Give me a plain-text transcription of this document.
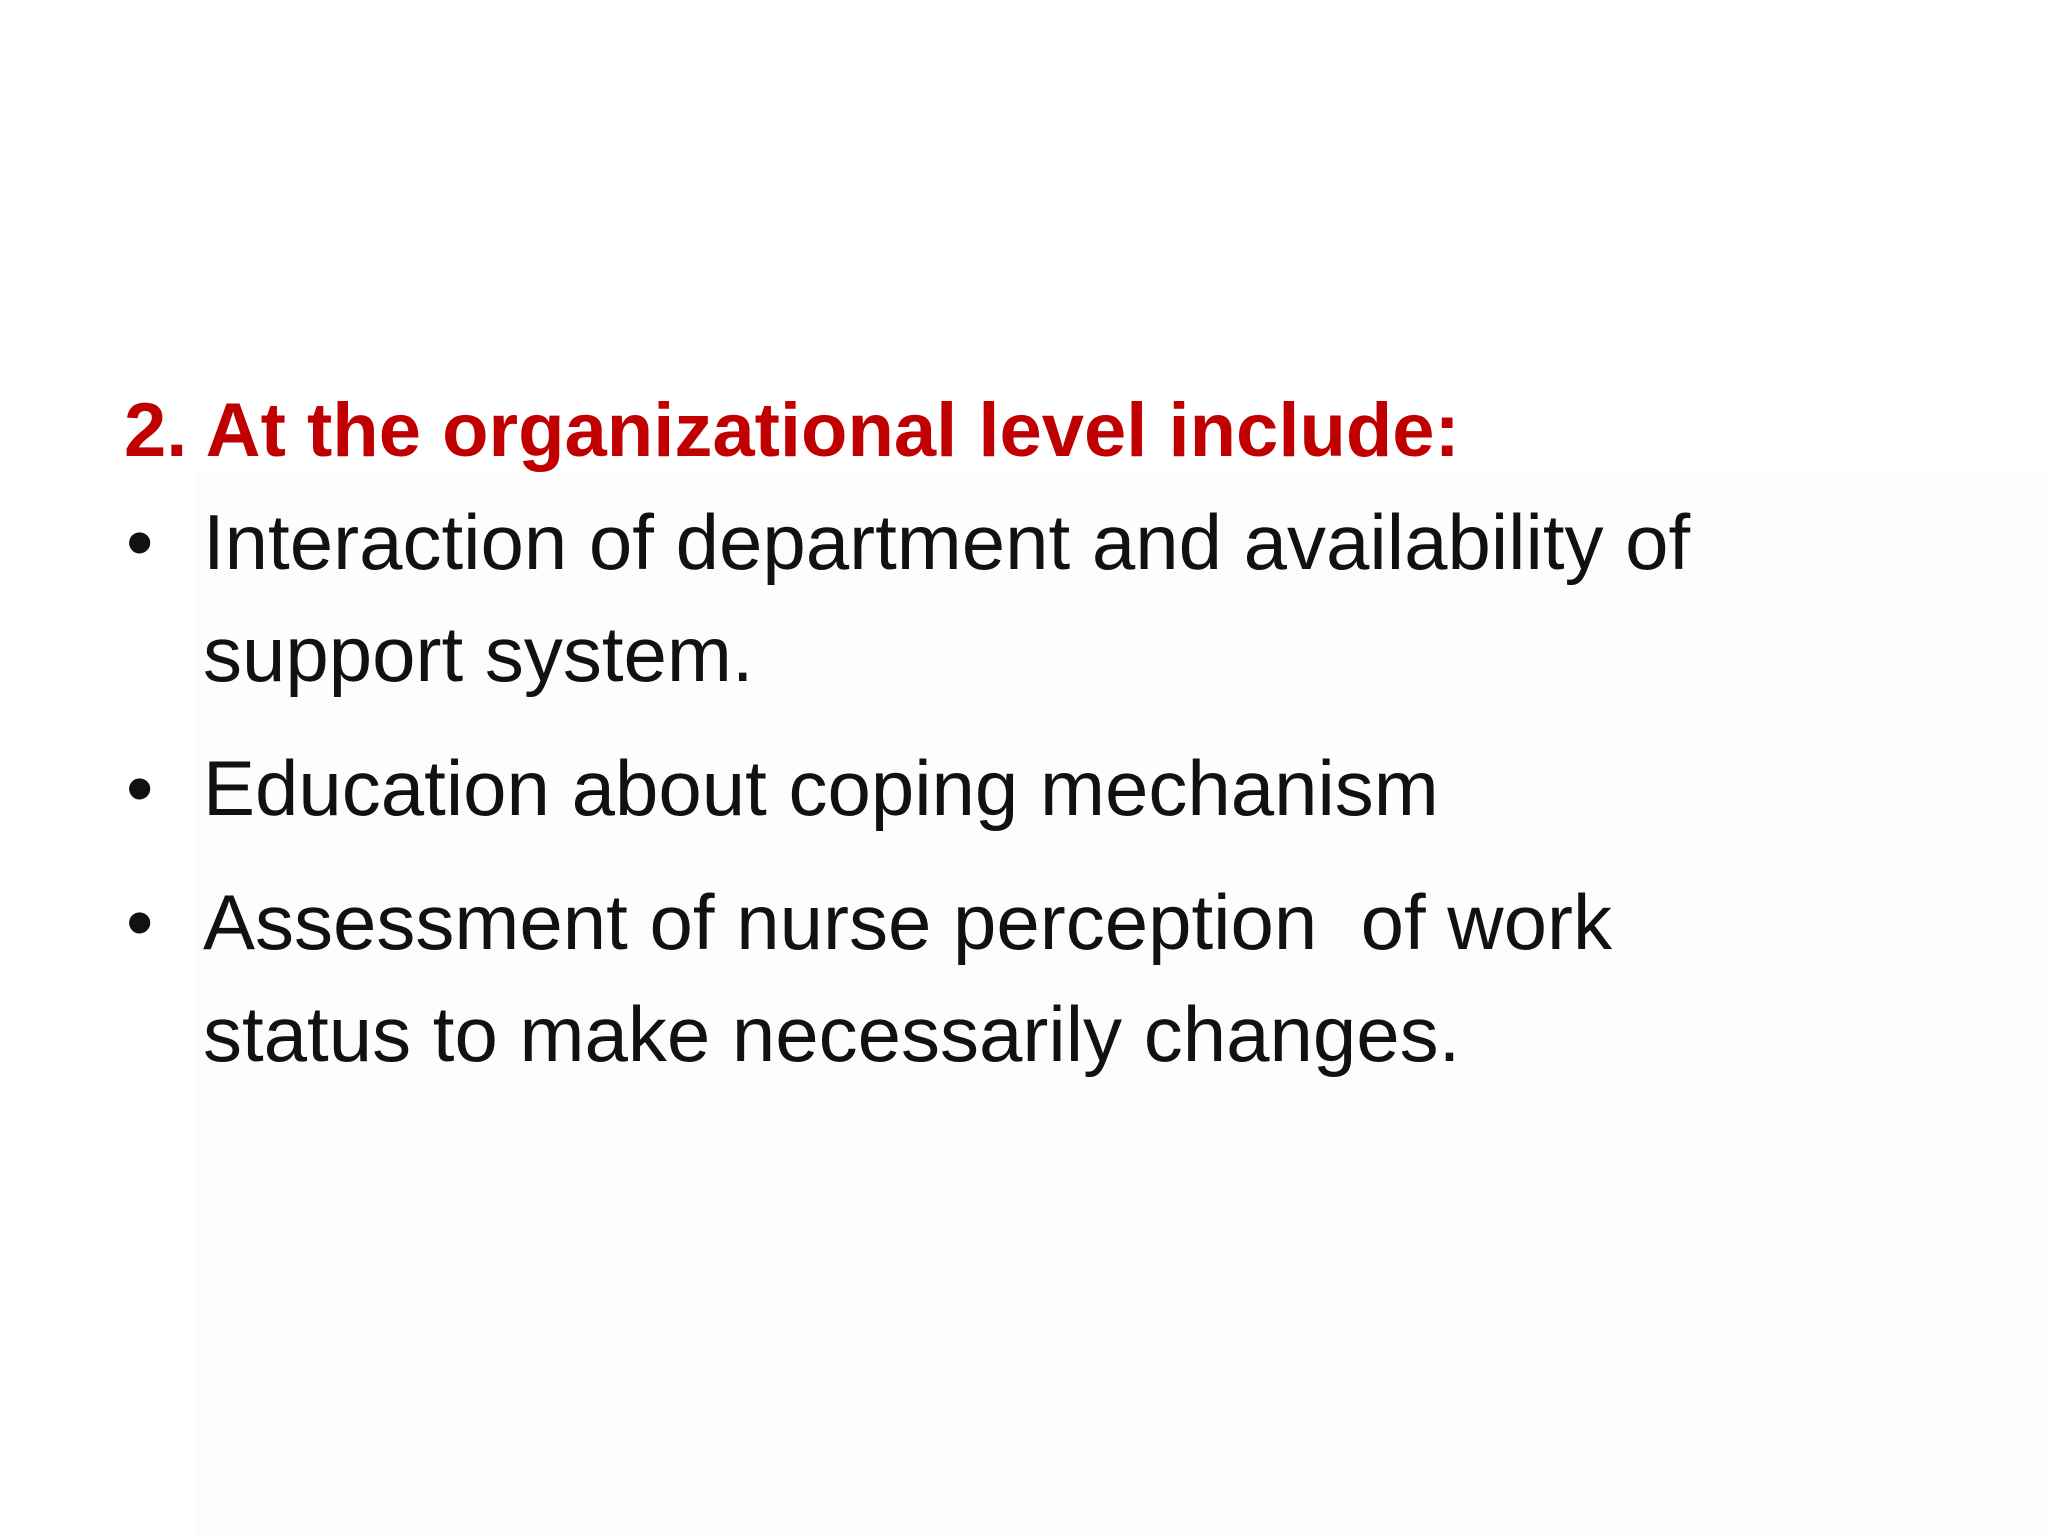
2. At the organizational level include:
• Interaction of department and availability of
support system.
• Education about coping mechanism
• Assessment of nurse perception  of work
status to make necessarily changes.
